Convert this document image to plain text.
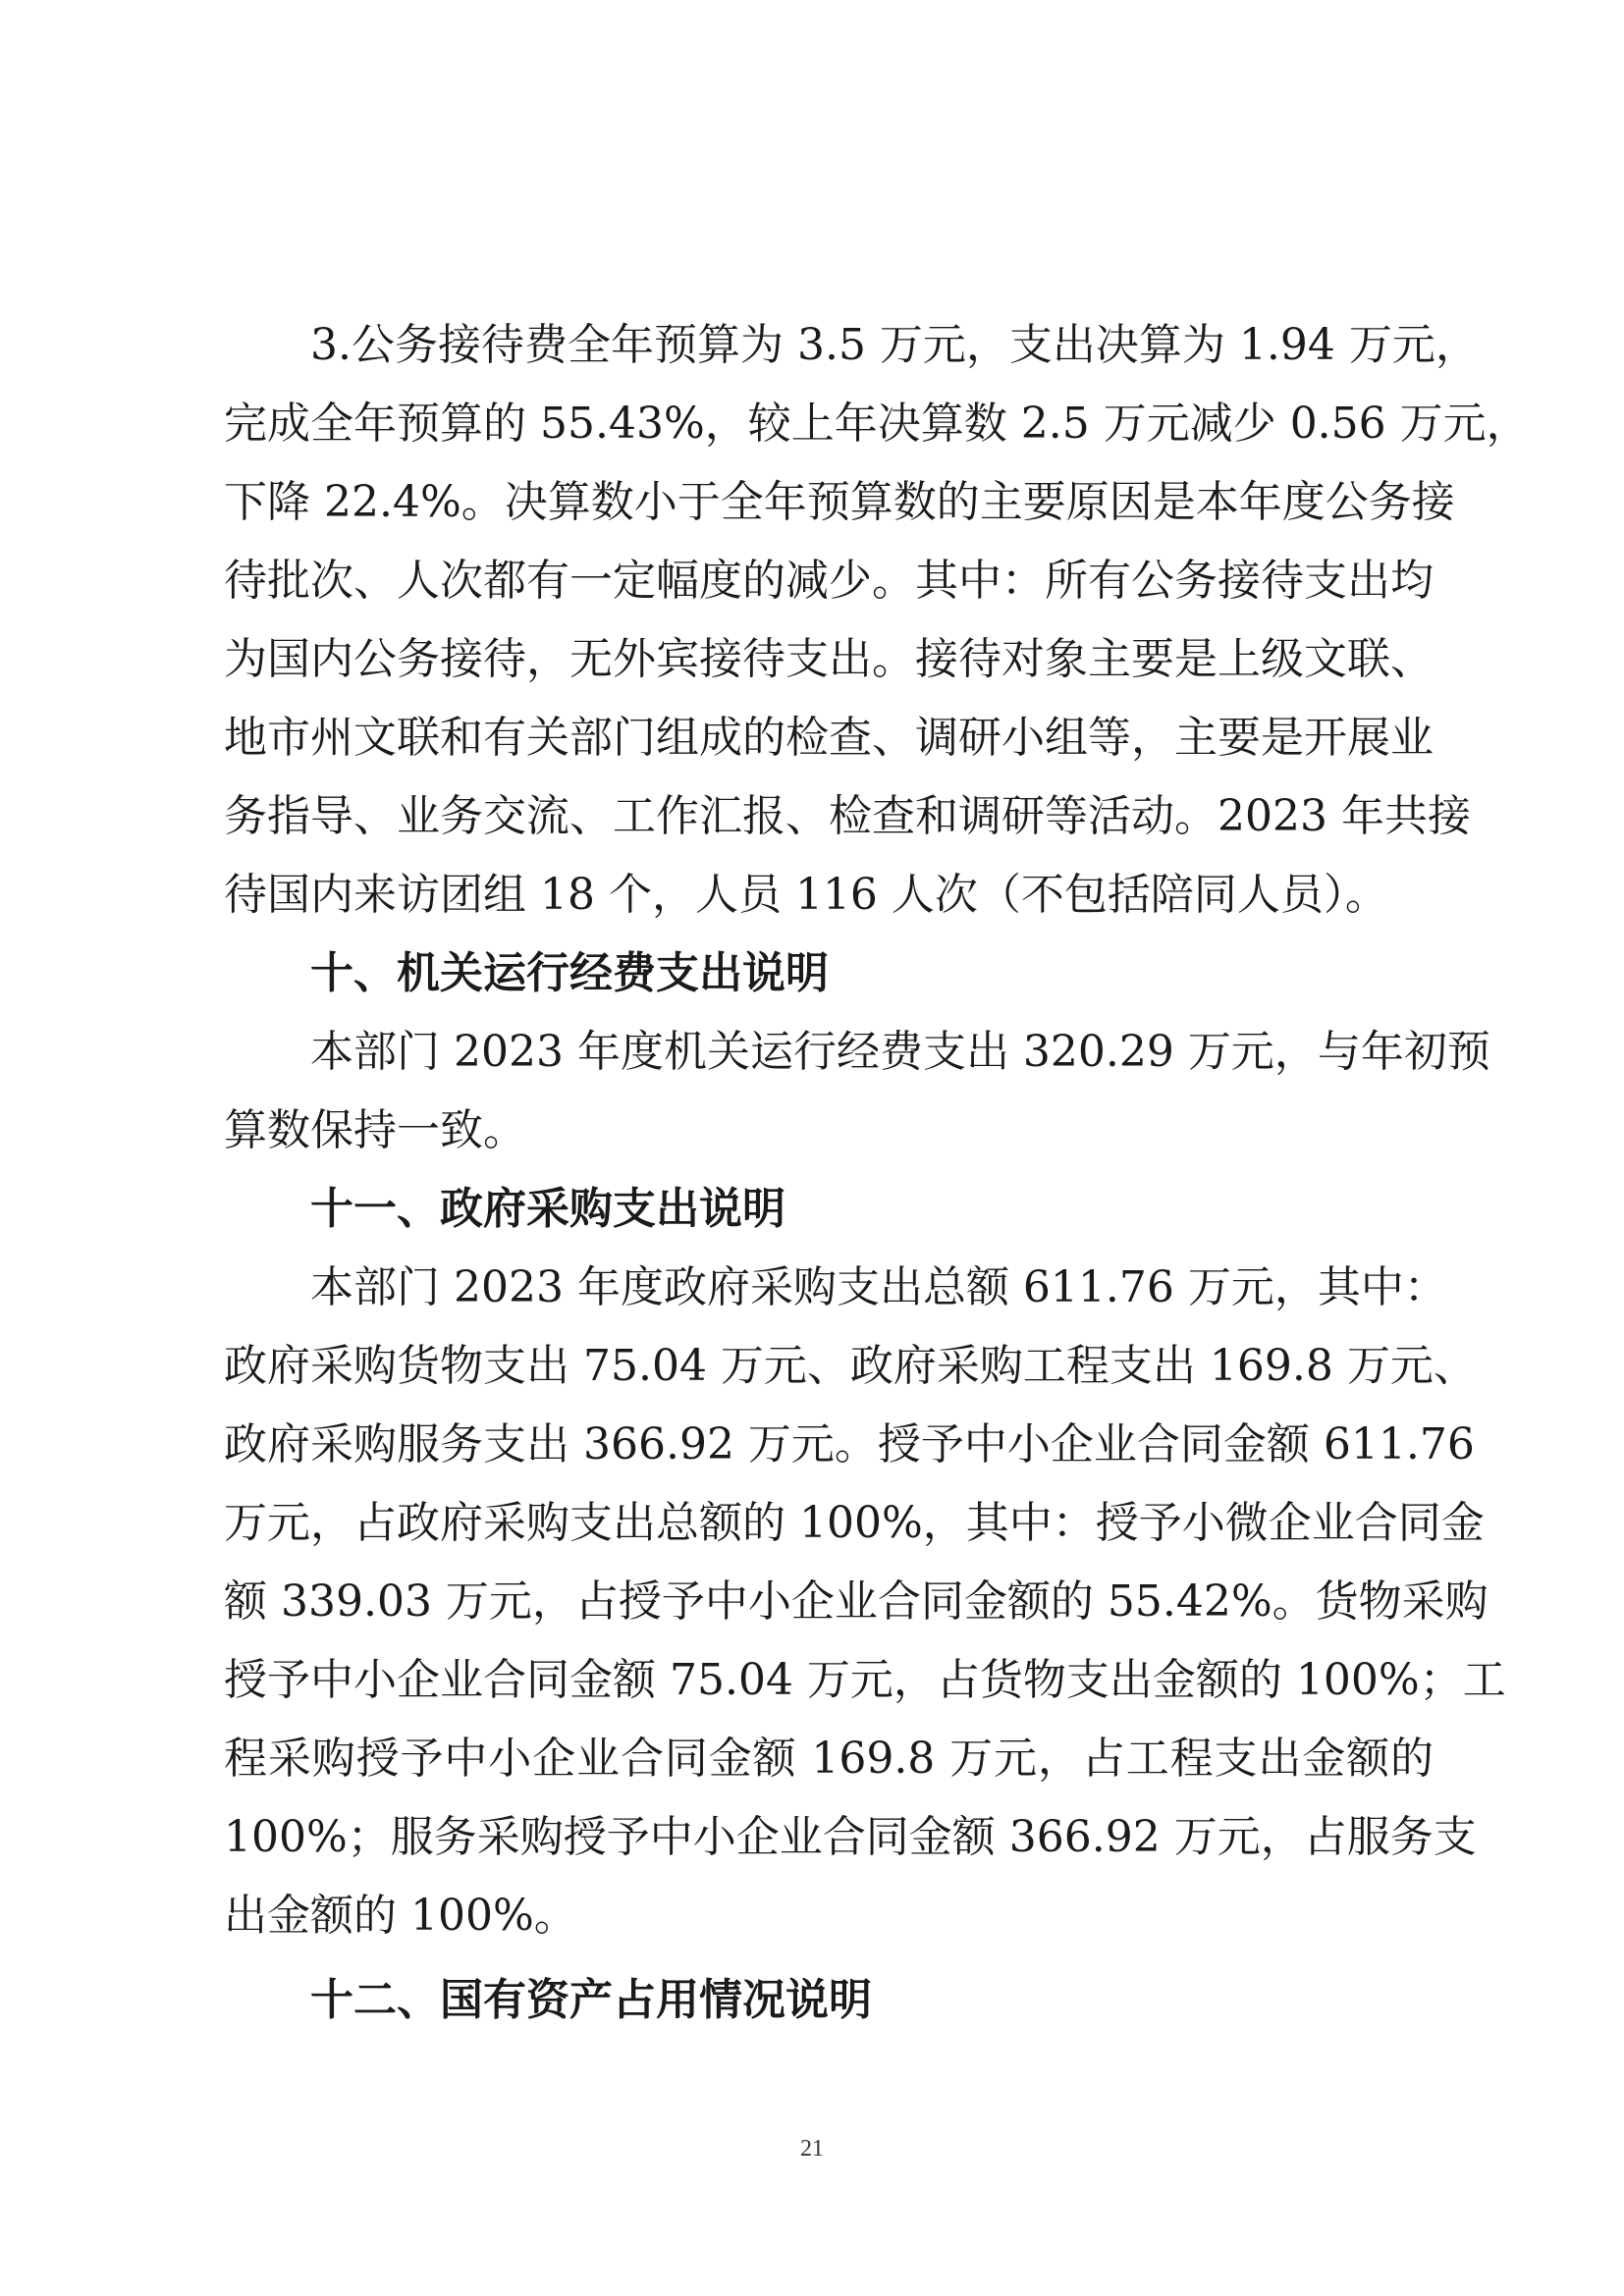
3.公务接待费全年预算为 3.5 万元，支出决算为 1.94 万元，
完成全年预算的 55.43%，较上年决算数 2.5 万元减少 0.56 万元，
下降 22.4%。决算数小于全年预算数的主要原因是本年度公务接
待批次、人次都有一定幅度的减少。其中：所有公务接待支出均
为国内公务接待，无外宾接待支出。接待对象主要是上级文联、
地市州文联和有关部门组成的检查、调研小组等，主要是开展业
务指导、业务交流、工作汇报、检查和调研等活动。2023 年共接
待国内来访团组 18 个，人员 116 人次（不包括陪同人员）。
十、机关运行经费支出说明
本部门 2023 年度机关运行经费支出 320.29 万元，与年初预
算数保持一致。
十一、政府采购支出说明
本部门 2023 年度政府采购支出总额 611.76 万元，其中：
政府采购货物支出 75.04 万元、政府采购工程支出 169.8 万元、
政府采购服务支出 366.92 万元。授予中小企业合同金额 611.76
万元，占政府采购支出总额的 100%，其中：授予小微企业合同金
额 339.03 万元，占授予中小企业合同金额的 55.42%。货物采购
授予中小企业合同金额 75.04 万元，占货物支出金额的 100%；工
程采购授予中小企业合同金额 169.8 万元，占工程支出金额的
100%；服务采购授予中小企业合同金额 366.92 万元，占服务支
出金额的 100%。
十二、国有资产占用情况说明
21
